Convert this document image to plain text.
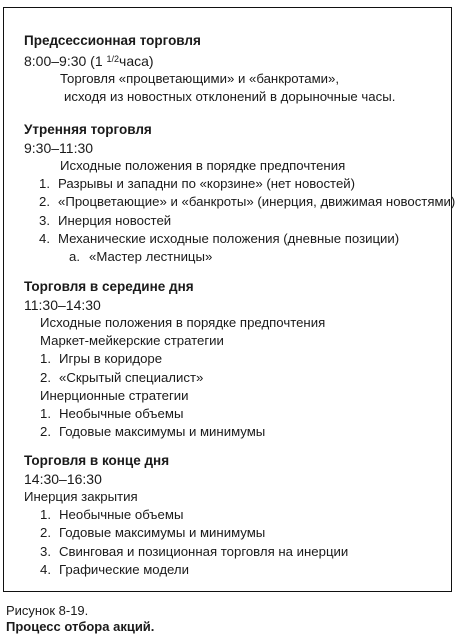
Предсессионная торговля
8:00–9:30 (1 $^{1/2}$часа)
Торговля «процветающими» и «банкротами»,
исходя из новостных отклонений в дорыночные часы.
Утренняя торговля
9:30–11:30
Исходные положения в порядке предпочтения
1. Разрывы и западни по «корзине» (нет новостей)
2. «Процветающие» и «банкроты» (инерция, движимая новостями)
3. Инерция новостей
4. Механические исходные положения (дневные позиции)
a. «Мастер лестницы»
Торговля в середине дня
11:30–14:30
Исходные положения в порядке предпочтения
Маркет-мейкерские стратегии
1. Игры в коридоре
2. «Скрытый специалист»
Инерционные стратегии
1. Необычные объемы
2. Годовые максимумы и минимумы
Торговля в конце дня
14:30–16:30
Инерция закрытия
1. Необычные объемы
2. Годовые максимумы и минимумы
3. Свинговая и позиционная торговля на инерции
4. Графические модели
Рисунок 8-19.
Процесс отбора акций.
